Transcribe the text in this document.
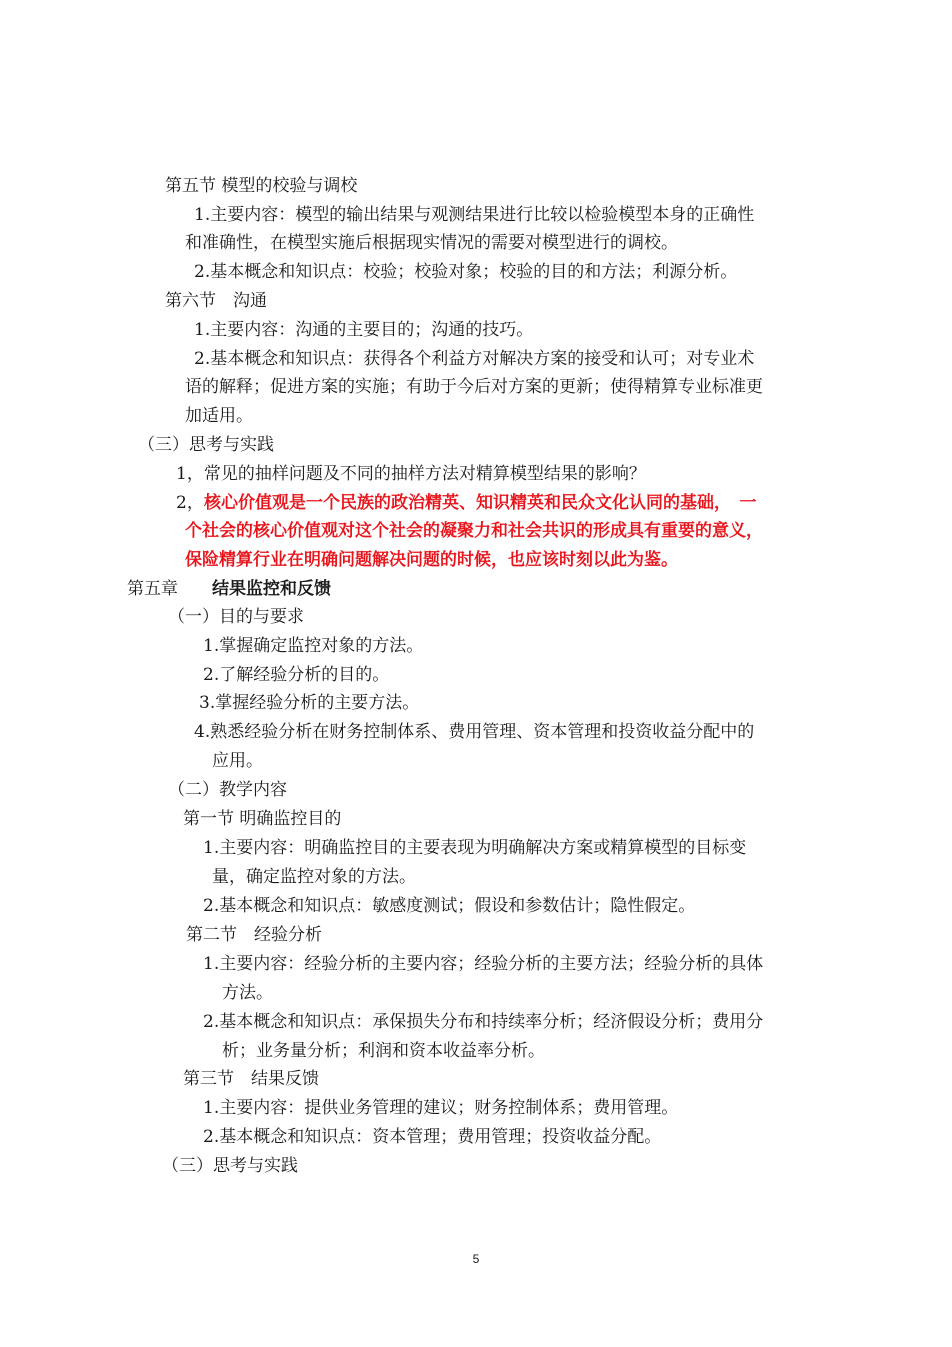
第五节 模型的校验与调校
1.主要内容：模型的输出结果与观测结果进行比较以检验模型本身的正确性
和准确性，在模型实施后根据现实情况的需要对模型进行的调校。
2.基本概念和知识点：校验；校验对象；校验的目的和方法；利源分析。
第六节　沟通
1.主要内容：沟通的主要目的；沟通的技巧。
2.基本概念和知识点：获得各个利益方对解决方案的接受和认可；对专业术
语的解释；促进方案的实施；有助于今后对方案的更新；使得精算专业标准更
加适用。
（三）思考与实践
1，常见的抽样问题及不同的抽样方法对精算模型结果的影响？
2， 核心价值观是一个民族的政治精英、知识精英和民众文化认同的基础，　一
个社会的核心价值观对这个社会的凝聚力和社会共识的形成具有重要的意义，
保险精算行业在明确问题解决问题的时候，也应该时刻以此为鉴。
第五章　 结果监控和反馈
（一）目的与要求
1.掌握确定监控对象的方法。
2.了解经验分析的目的。
3.掌握经验分析的主要方法。
4.熟悉经验分析在财务控制体系、费用管理、资本管理和投资收益分配中的
应用。
（二）教学内容
第一节 明确监控目的
1.主要内容：明确监控目的主要表现为明确解决方案或精算模型的目标变
量，确定监控对象的方法。
2.基本概念和知识点：敏感度测试；假设和参数估计；隐性假定。
第二节　经验分析
1.主要内容：经验分析的主要内容；经验分析的主要方法；经验分析的具体
方法。
2.基本概念和知识点：承保损失分布和持续率分析；经济假设分析；费用分
析；业务量分析；利润和资本收益率分析。
第三节　结果反馈
1.主要内容：提供业务管理的建议；财务控制体系；费用管理。
2.基本概念和知识点：资本管理；费用管理；投资收益分配。
（三）思考与实践
5
